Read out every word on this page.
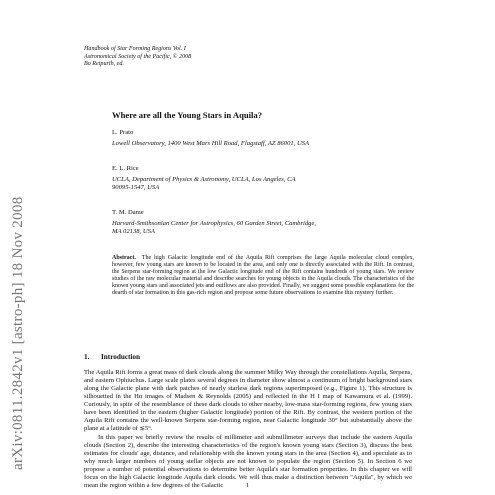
arXiv:0811.2842v1 [astro-ph] 18 Nov 2008
Handbook of Star Forming Regions Vol. I
Astronomical Society of the Pacific, © 2008
Bo Reipurth, ed.
Where are all the Young Stars in Aquila?
L. Prato
Lowell Observatory, 1400 West Mars Hill Road, Flagstaff, AZ 86001, USA
E. L. Rice
UCLA, Department of Physics & Astronomy, UCLA, Los Angeles, CA
90095-1547, USA
T. M. Dame
Harvard-Smithsonian Center for Astrophysics, 60 Garden Street, Cambridge,
MA 02138, USA
Abstract. The high Galactic longitude end of the Aquila Rift comprises the large Aquila molecular cloud complex, however, few young stars are known to be located in the area, and only one is directly associated with the Rift. In contrast, the Serpens star-forming region at the low Galactic longitude end of the Rift contains hundreds of young stars. We review studies of the raw molecular material and describe searches for young objects in the Aquila clouds. The characteristics of the known young stars and associated jets and outflows are also provided. Finally, we suggest some possible explanations for the dearth of star formation in this gas-rich region and propose some future observations to examine this mystery further.
1. Introduction

The Aquila Rift forms a great mass of dark clouds along the summer Milky Way through the constellations Aquila, Serpens, and eastern Ophiuchus. Large scale plates several degrees in diameter show almost a continuum of bright background stars along the Galactic plane with dark patches of nearly starless dark regions superimposed (e.g., Figure 1). This structure is silhouetted in the Hα images of Madsen & Reynolds (2005) and reflected in the H I map of Kawamura et al. (1999). Curiously, in spite of the resemblance of these dark clouds to other nearby, low-mass star-forming regions, few young stars have been identified in the eastern (higher Galactic longitude) portion of the Rift. By contrast, the western portion of the Aquila Rift contains the well-known Serpens star-forming region, near Galactic longitude 30° but substantially above the plane at a latitude of ≲5°.

In this paper we briefly review the results of millimeter and submillimeter surveys that include the eastern Aquila clouds (Section 2), describe the interesting characteristics of the region's known young stars (Section 3), discuss the best estimates for clouds' age, distance, and relationship with the known young stars in the area (Section 4), and speculate as to why much larger numbers of young stellar objects are not known to populate the region (Section 5). In Section 6 we propose a number of potential observations to determine better Aquila's star formation properties. In this chapter we will focus on the high Galactic longitude Aquila dark clouds. We will thus make a distinction between "Aquila", by which we mean the region within a few degrees of the Galactic	1
